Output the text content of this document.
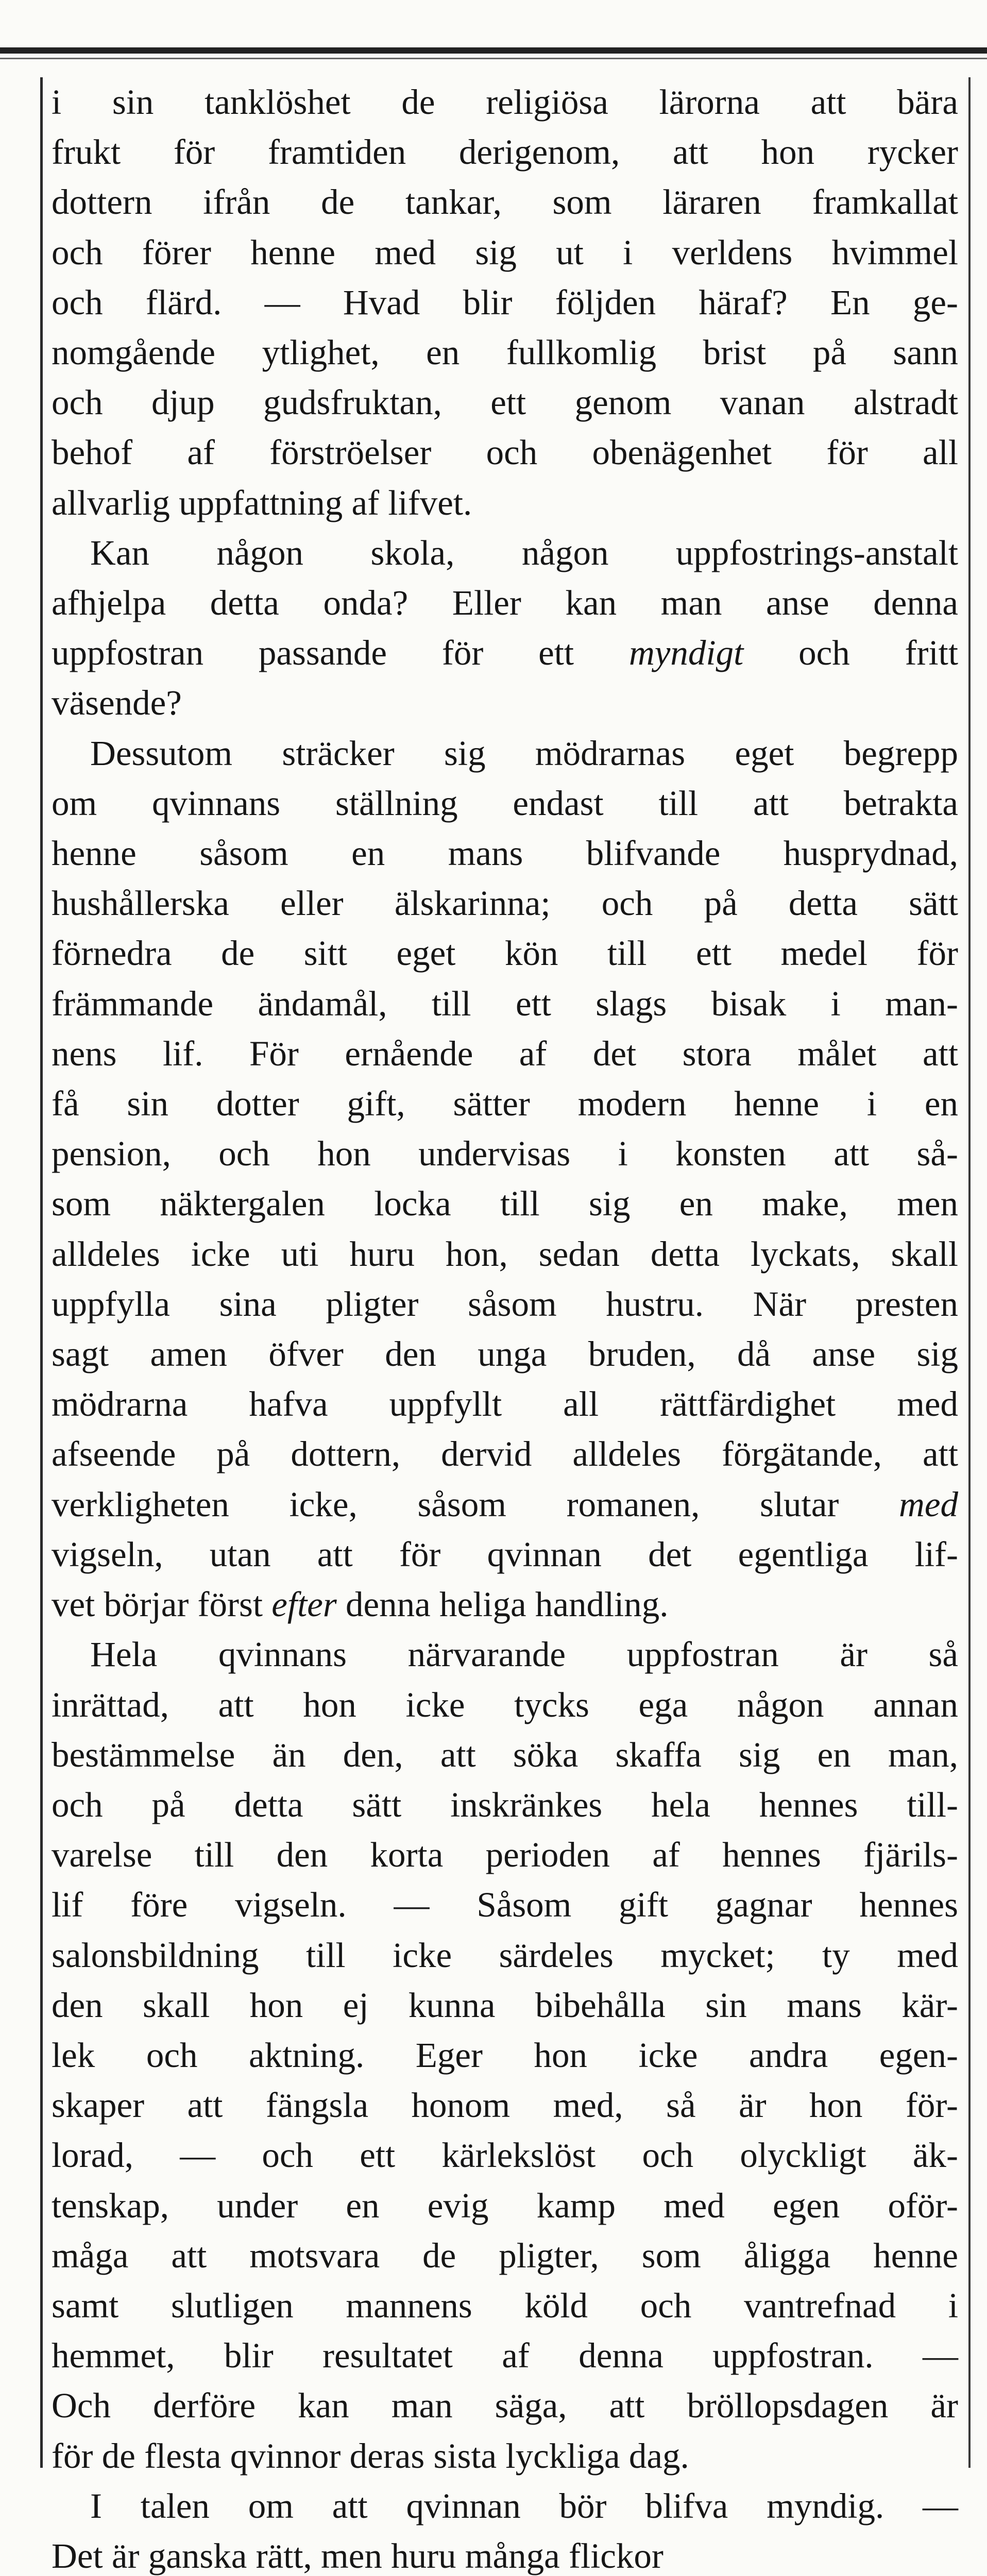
i sin tanklöshet de religiösa lärorna att bära
frukt för framtiden derigenom, att hon rycker
dottern ifrån de tankar, som läraren framkallat
och förer henne med sig ut i verldens hvimmel
och flärd. — Hvad blir följden häraf? En ge-
nomgående ytlighet, en fullkomlig brist på sann
och djup gudsfruktan, ett genom vanan alstradt
behof af förströelser och obenägenhet för all
allvarlig uppfattning af lifvet.
Kan någon skola, någon uppfostrings-anstalt
afhjelpa detta onda? Eller kan man anse denna
uppfostran passande för ett myndigt och fritt
väsende?
Dessutom sträcker sig mödrarnas eget begrepp
om qvinnans ställning endast till att betrakta
henne såsom en mans blifvande husprydnad,
hushållerska eller älskarinna; och på detta sätt
förnedra de sitt eget kön till ett medel för
främmande ändamål, till ett slags bisak i man-
nens lif. För ernående af det stora målet att
få sin dotter gift, sätter modern henne i en
pension, och hon undervisas i konsten att så-
som näktergalen locka till sig en make, men
alldeles icke uti huru hon, sedan detta lyckats, skall
uppfylla sina pligter såsom hustru. När presten
sagt amen öfver den unga bruden, då anse sig
mödrarna hafva uppfyllt all rättfärdighet med
afseende på dottern, dervid alldeles förgätande, att
verkligheten icke, såsom romanen, slutar med
vigseln, utan att för qvinnan det egentliga lif-
vet börjar först efter denna heliga handling.
Hela qvinnans närvarande uppfostran är så
inrättad, att hon icke tycks ega någon annan
bestämmelse än den, att söka skaffa sig en man,
och på detta sätt inskränkes hela hennes till-
varelse till den korta perioden af hennes fjärils-
lif före vigseln. — Såsom gift gagnar hennes
salonsbildning till icke särdeles mycket; ty med
den skall hon ej kunna bibehålla sin mans kär-
lek och aktning. Eger hon icke andra egen-
skaper att fängsla honom med, så är hon för-
lorad, — och ett kärlekslöst och olyckligt äk-
tenskap, under en evig kamp med egen oför-
måga att motsvara de pligter, som åligga henne
samt slutligen mannens köld och vantrefnad i
hemmet, blir resultatet af denna uppfostran. —
Och derföre kan man säga, att bröllopsdagen är
för de flesta qvinnor deras sista lyckliga dag.
I talen om att qvinnan bör blifva myndig. —
Det är ganska rätt, men huru många flickor
